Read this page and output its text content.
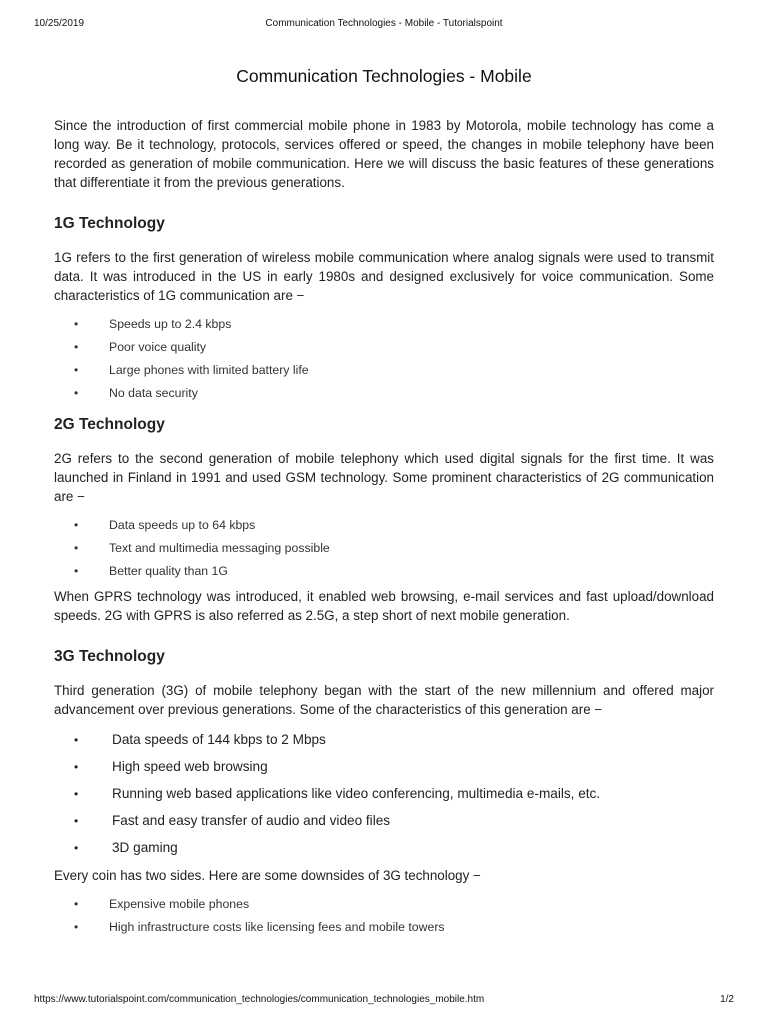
10/25/2019	Communication Technologies - Mobile - Tutorialspoint
Communication Technologies - Mobile

Since the introduction of first commercial mobile phone in 1983 by Motorola, mobile technology has come a long way. Be it technology, protocols, services offered or speed, the changes in mobile telephony have been recorded as generation of mobile communication. Here we will discuss the basic features of these generations that differentiate it from the previous generations.

1G Technology

1G refers to the first generation of wireless mobile communication where analog signals were used to transmit data. It was introduced in the US in early 1980s and designed exclusively for voice communication. Some characteristics of 1G communication are −

•	Speeds up to 2.4 kbps
•	Poor voice quality
•	Large phones with limited battery life
•	No data security
2G Technology

2G refers to the second generation of mobile telephony which used digital signals for the first time. It was launched in Finland in 1991 and used GSM technology. Some prominent characteristics of 2G communication are −

•	Data speeds up to 64 kbps
•	Text and multimedia messaging possible
•	Better quality than 1G

When GPRS technology was introduced, it enabled web browsing, e-mail services and fast upload/download speeds. 2G with GPRS is also referred as 2.5G, a step short of next mobile generation.

3G Technology

Third generation (3G) of mobile telephony began with the start of the new millennium and offered major advancement over previous generations. Some of the characteristics of this generation are −

• Data speeds of 144 kbps to 2 Mbps
• High speed web browsing
• Running web based applications like video conferencing, multimedia e-mails, etc.
• Fast and easy transfer of audio and video files
• 3D gaming

Every coin has two sides. Here are some downsides of 3G technology −

•	Expensive mobile phones
•	High infrastructure costs like licensing fees and mobile towers
https://www.tutorialspoint.com/communication_technologies/communication_technologies_mobile.htm	1/2
